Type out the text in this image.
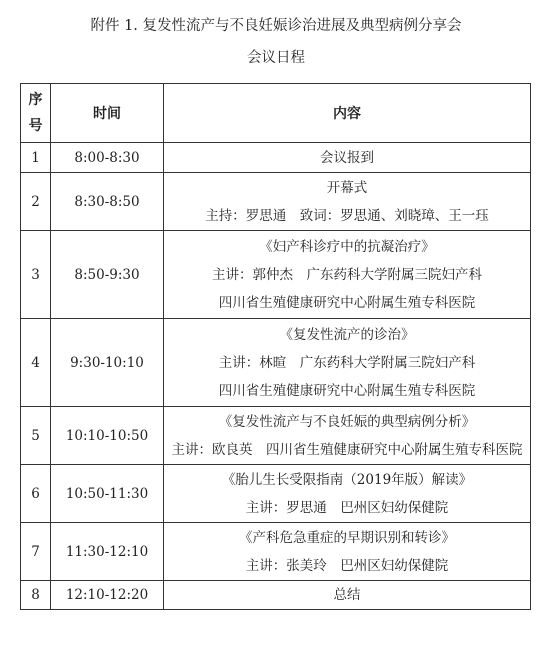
附件 1. 复发性流产与不良妊娠诊治进展及典型病例分享会
会议日程
序
号	时间	内容
1	8:00-8:30	会议报到

2	8:30-8:50	开幕式
主持：罗思通　致词：罗思通、刘晓璋、王一珏

3	8:50-9:30	《妇产科诊疗中的抗凝治疗》
主讲：郭仲杰　广东药科大学附属三院妇产科
四川省生殖健康研究中心附属生殖专科医院

4	9:30-10:10	《复发性流产的诊治》
主讲：林暄　广东药科大学附属三院妇产科
四川省生殖健康研究中心附属生殖专科医院

5	10:10-10:50	《复发性流产与不良妊娠的典型病例分析》
主讲：欧良英　四川省生殖健康研究中心附属生殖专科医院

6	10:50-11:30	《胎儿生长受限指南（2019年版）解读》
主讲：罗思通　巴州区妇幼保健院

7	11:30-12:10	《产科危急重症的早期识别和转诊》
主讲：张美玲　巴州区妇幼保健院

8	12:10-12:20	总结
